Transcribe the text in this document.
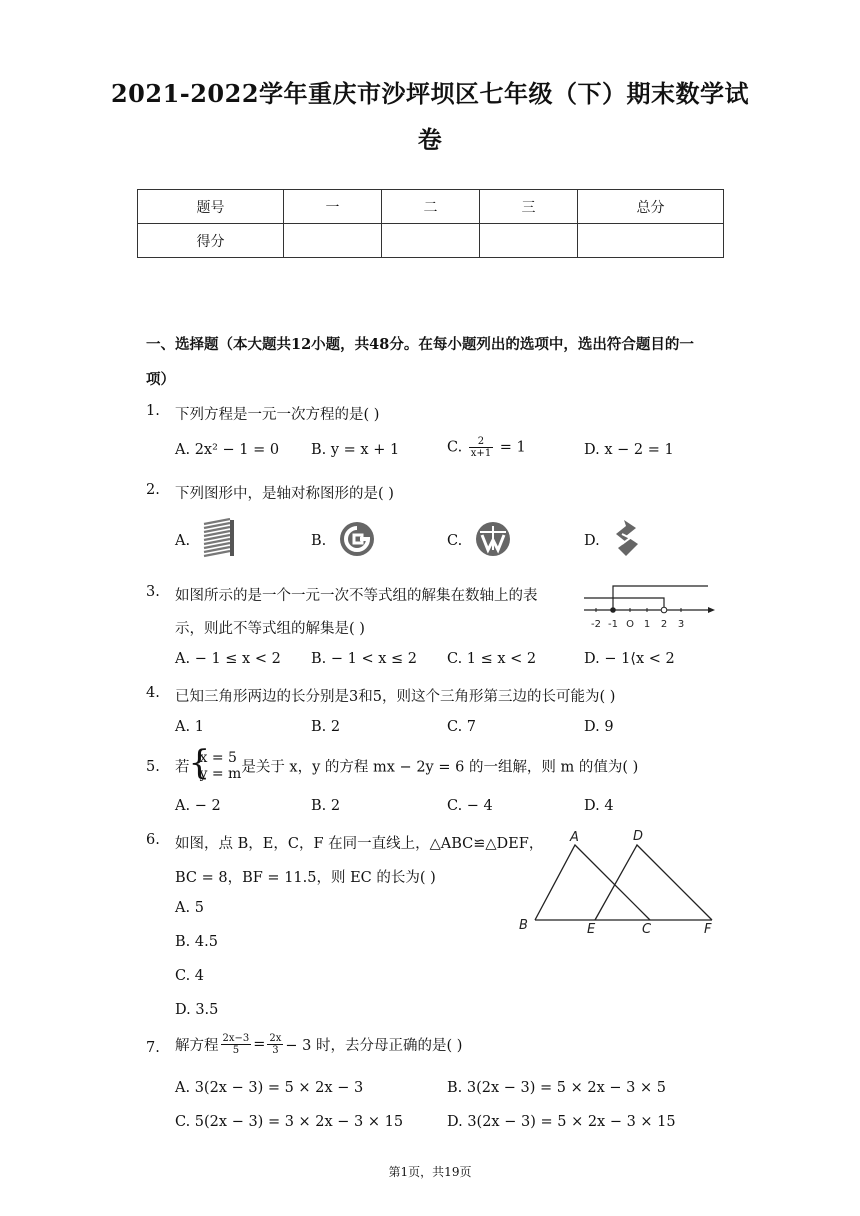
2021-2022学年重庆市沙坪坝区七年级（下）期末数学试
卷
题号	一	二	三	总分
得分				
一、选择题（本大题共12小题，共48分。在每小题列出的选项中，选出符合题目的一
项）
1. 下列方程是一元一次方程的是( )
A. 2x² − 1 = 0 B. y = x + 1	C. $\frac{2}{x+1} = 1$	D. x − 2 = 1
2. 下列图形中，是轴对称图形的是( )
A.	B.	C.	D.
3. 如图所示的是一个一元一次不等式组的解集在数轴上的表
示，则此不等式组的解集是( )	-2 -1 O 1 2 3
A. − 1 ≤ x < 2 B. − 1 < x ≤ 2 C. 1 ≤ x < 2	D. − 1⟨x < 2
4. 已知三角形两边的长分别是3和5，则这个三角形第三边的长可能为( )
A. 1	B. 2	C. 7	D. 9
5. 若
{ x = 5
y = m 是关于 x，y 的方程 mx − 2y = 6 的一组解，则 m 的值为( )
A. − 2	B. 2	C. − 4	D. 4
6. 如图，点 B，E，C，F 在同一直线上，△ABC≌△DEF，
BC = 8，BF = 11.5，则 EC 的长为( )
A. 5
B. 4.5
C. 4
D. 3.5
A	D
B	E	C	F
7. 解方程 $\frac{2x-3}{5} = \frac{2x}{3} - 3$ 时，去分母正确的是( )
A. 3(2x − 3) = 5 × 2x − 3	B. 3(2x − 3) = 5 × 2x − 3 × 5
C. 5(2x − 3) = 3 × 2x − 3 × 15	D. 3(2x − 3) = 5 × 2x − 3 × 15
第1页，共19页
